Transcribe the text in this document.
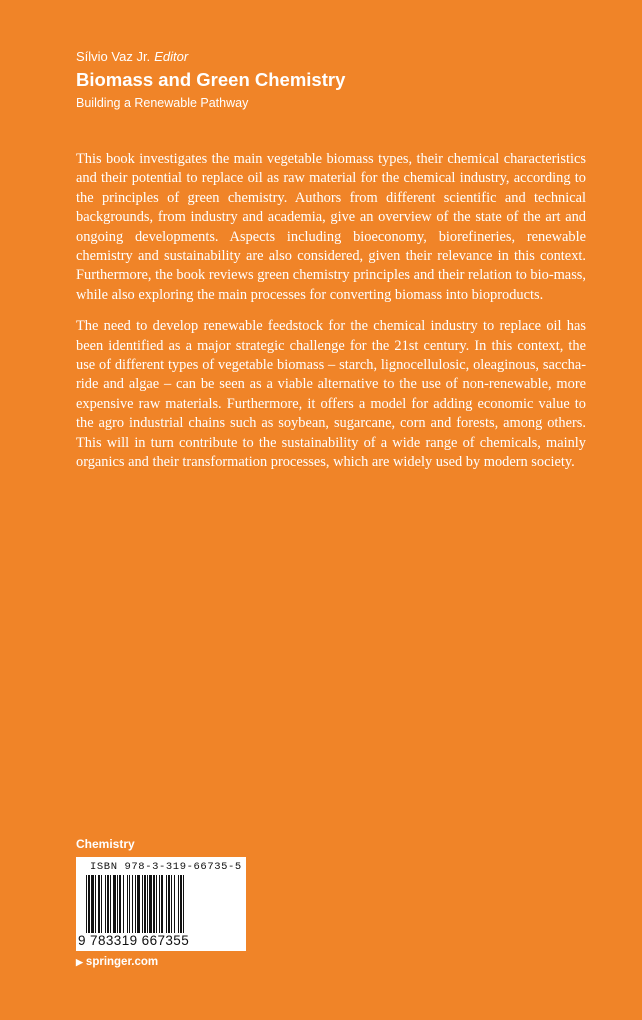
Sílvio Vaz Jr. Editor
Biomass and Green Chemistry
Building a Renewable Pathway

This book investigates the main vegetable biomass types, their chemical characteristics and their potential to replace oil as raw material for the chemical industry, according to the principles of green chemistry. Authors from different scientific and technical backgrounds, from industry and academia, give an overview of the state of the art and ongoing developments. Aspects including bioeconomy, biorefineries, renewable chemistry and sustainability are also considered, given their relevance in this context. Furthermore, the book reviews green chemistry principles and their relation to bio-mass, while also exploring the main processes for converting biomass into bioproducts.

The need to develop renewable feedstock for the chemical industry to replace oil has been identified as a major strategic challenge for the 21st century. In this context, the use of different types of vegetable biomass – starch, lignocellulosic, oleaginous, saccha-ride and algae – can be seen as a viable alternative to the use of non-renewable, more expensive raw materials. Furthermore, it offers a model for adding economic value to the agro industrial chains such as soybean, sugarcane, corn and forests, among others. This will in turn contribute to the sustainability of a wide range of chemicals, mainly organics and their transformation processes, which are widely used by modern society.

Chemistry
ISBN 978-3-319-66735-5
9 783319 667355
▶ springer.com
